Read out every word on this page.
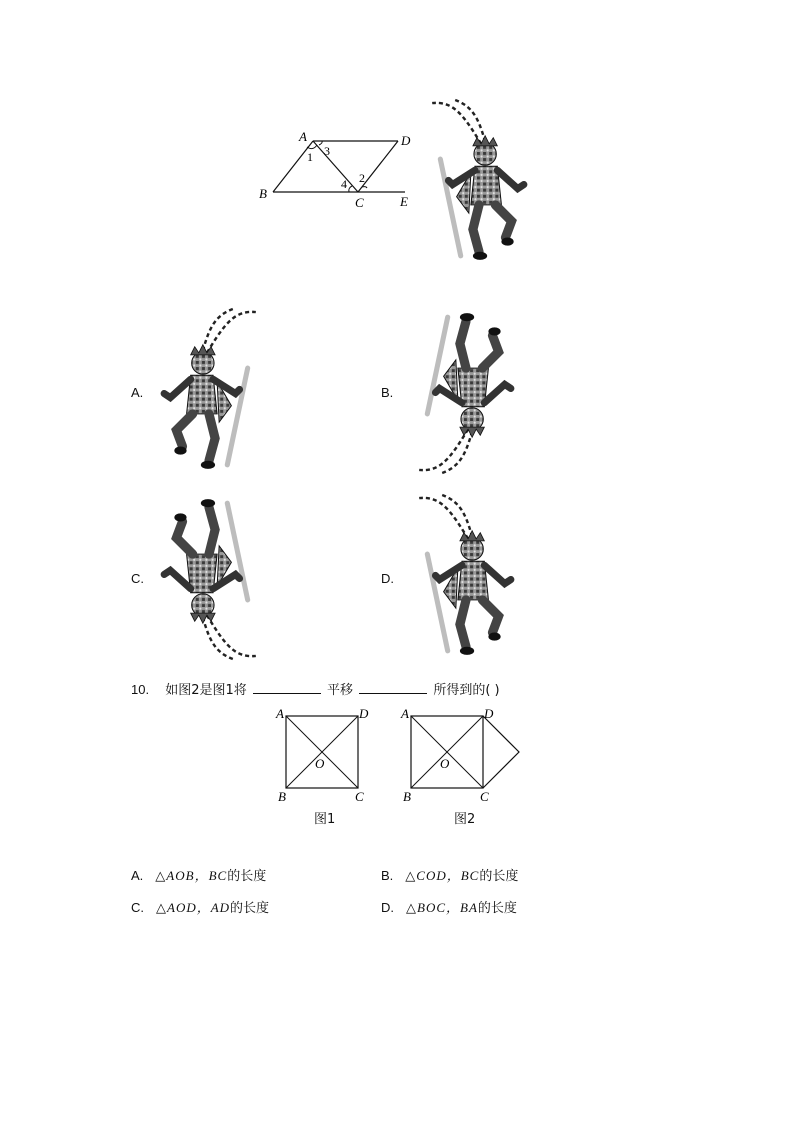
A	D
B
C	E
1 3
4 2
A.	B.
C.	D.
10. 如图2是图1将	平移	所得到的( )
A	D
B	C
O
图1
A	D
B	C
O
图2
A. △AOB，BC的长度	B. △COD，BC的长度
C. △AOD，AD的长度	D. △BOC，BA的长度
